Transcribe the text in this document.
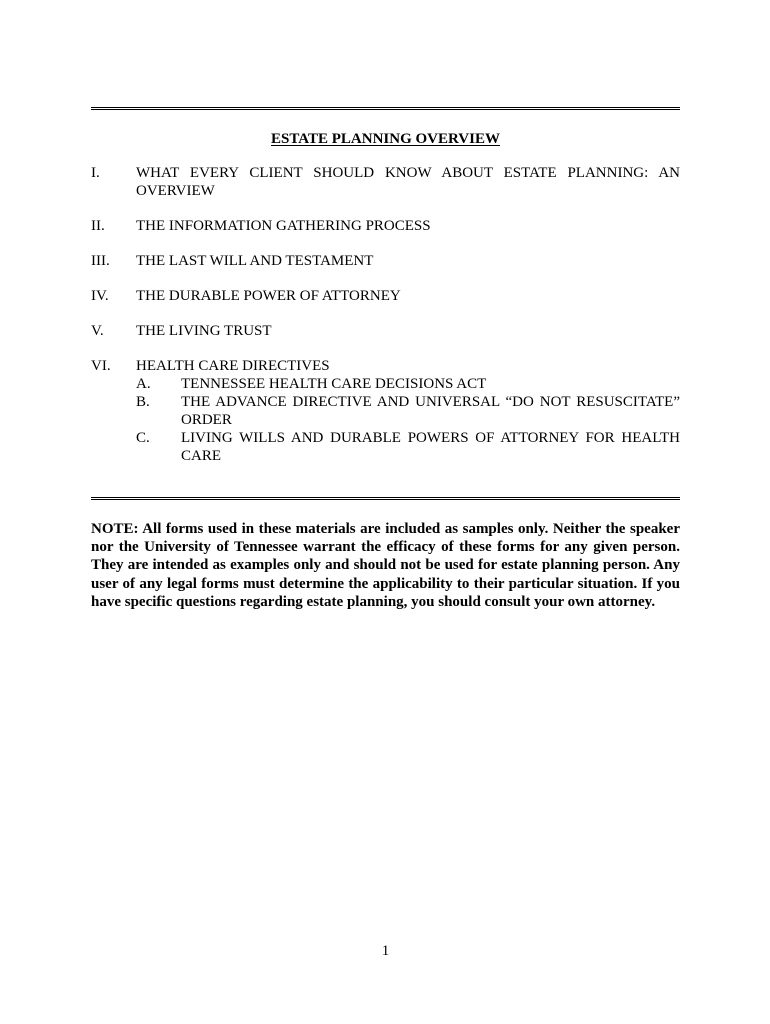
ESTATE PLANNING OVERVIEW
I.	WHAT EVERY CLIENT SHOULD KNOW ABOUT ESTATE PLANNING: AN OVERVIEW
II.	THE INFORMATION GATHERING PROCESS
III.	THE LAST WILL AND TESTAMENT
IV.	THE DURABLE POWER OF ATTORNEY
V.	THE LIVING TRUST
VI.	HEALTH CARE DIRECTIVES
A.	TENNESSEE HEALTH CARE DECISIONS ACT
B.	THE ADVANCE DIRECTIVE AND UNIVERSAL “DO NOT RESUSCITATE” ORDER
C.	LIVING WILLS AND DURABLE POWERS OF ATTORNEY FOR HEALTH CARE
NOTE: All forms used in these materials are included as samples only. Neither the speaker nor the University of Tennessee warrant the efficacy of these forms for any given person. They are intended as examples only and should not be used for estate planning person. Any user of any legal forms must determine the applicability to their particular situation. If you have specific questions regarding estate planning, you should consult your own attorney.
1
